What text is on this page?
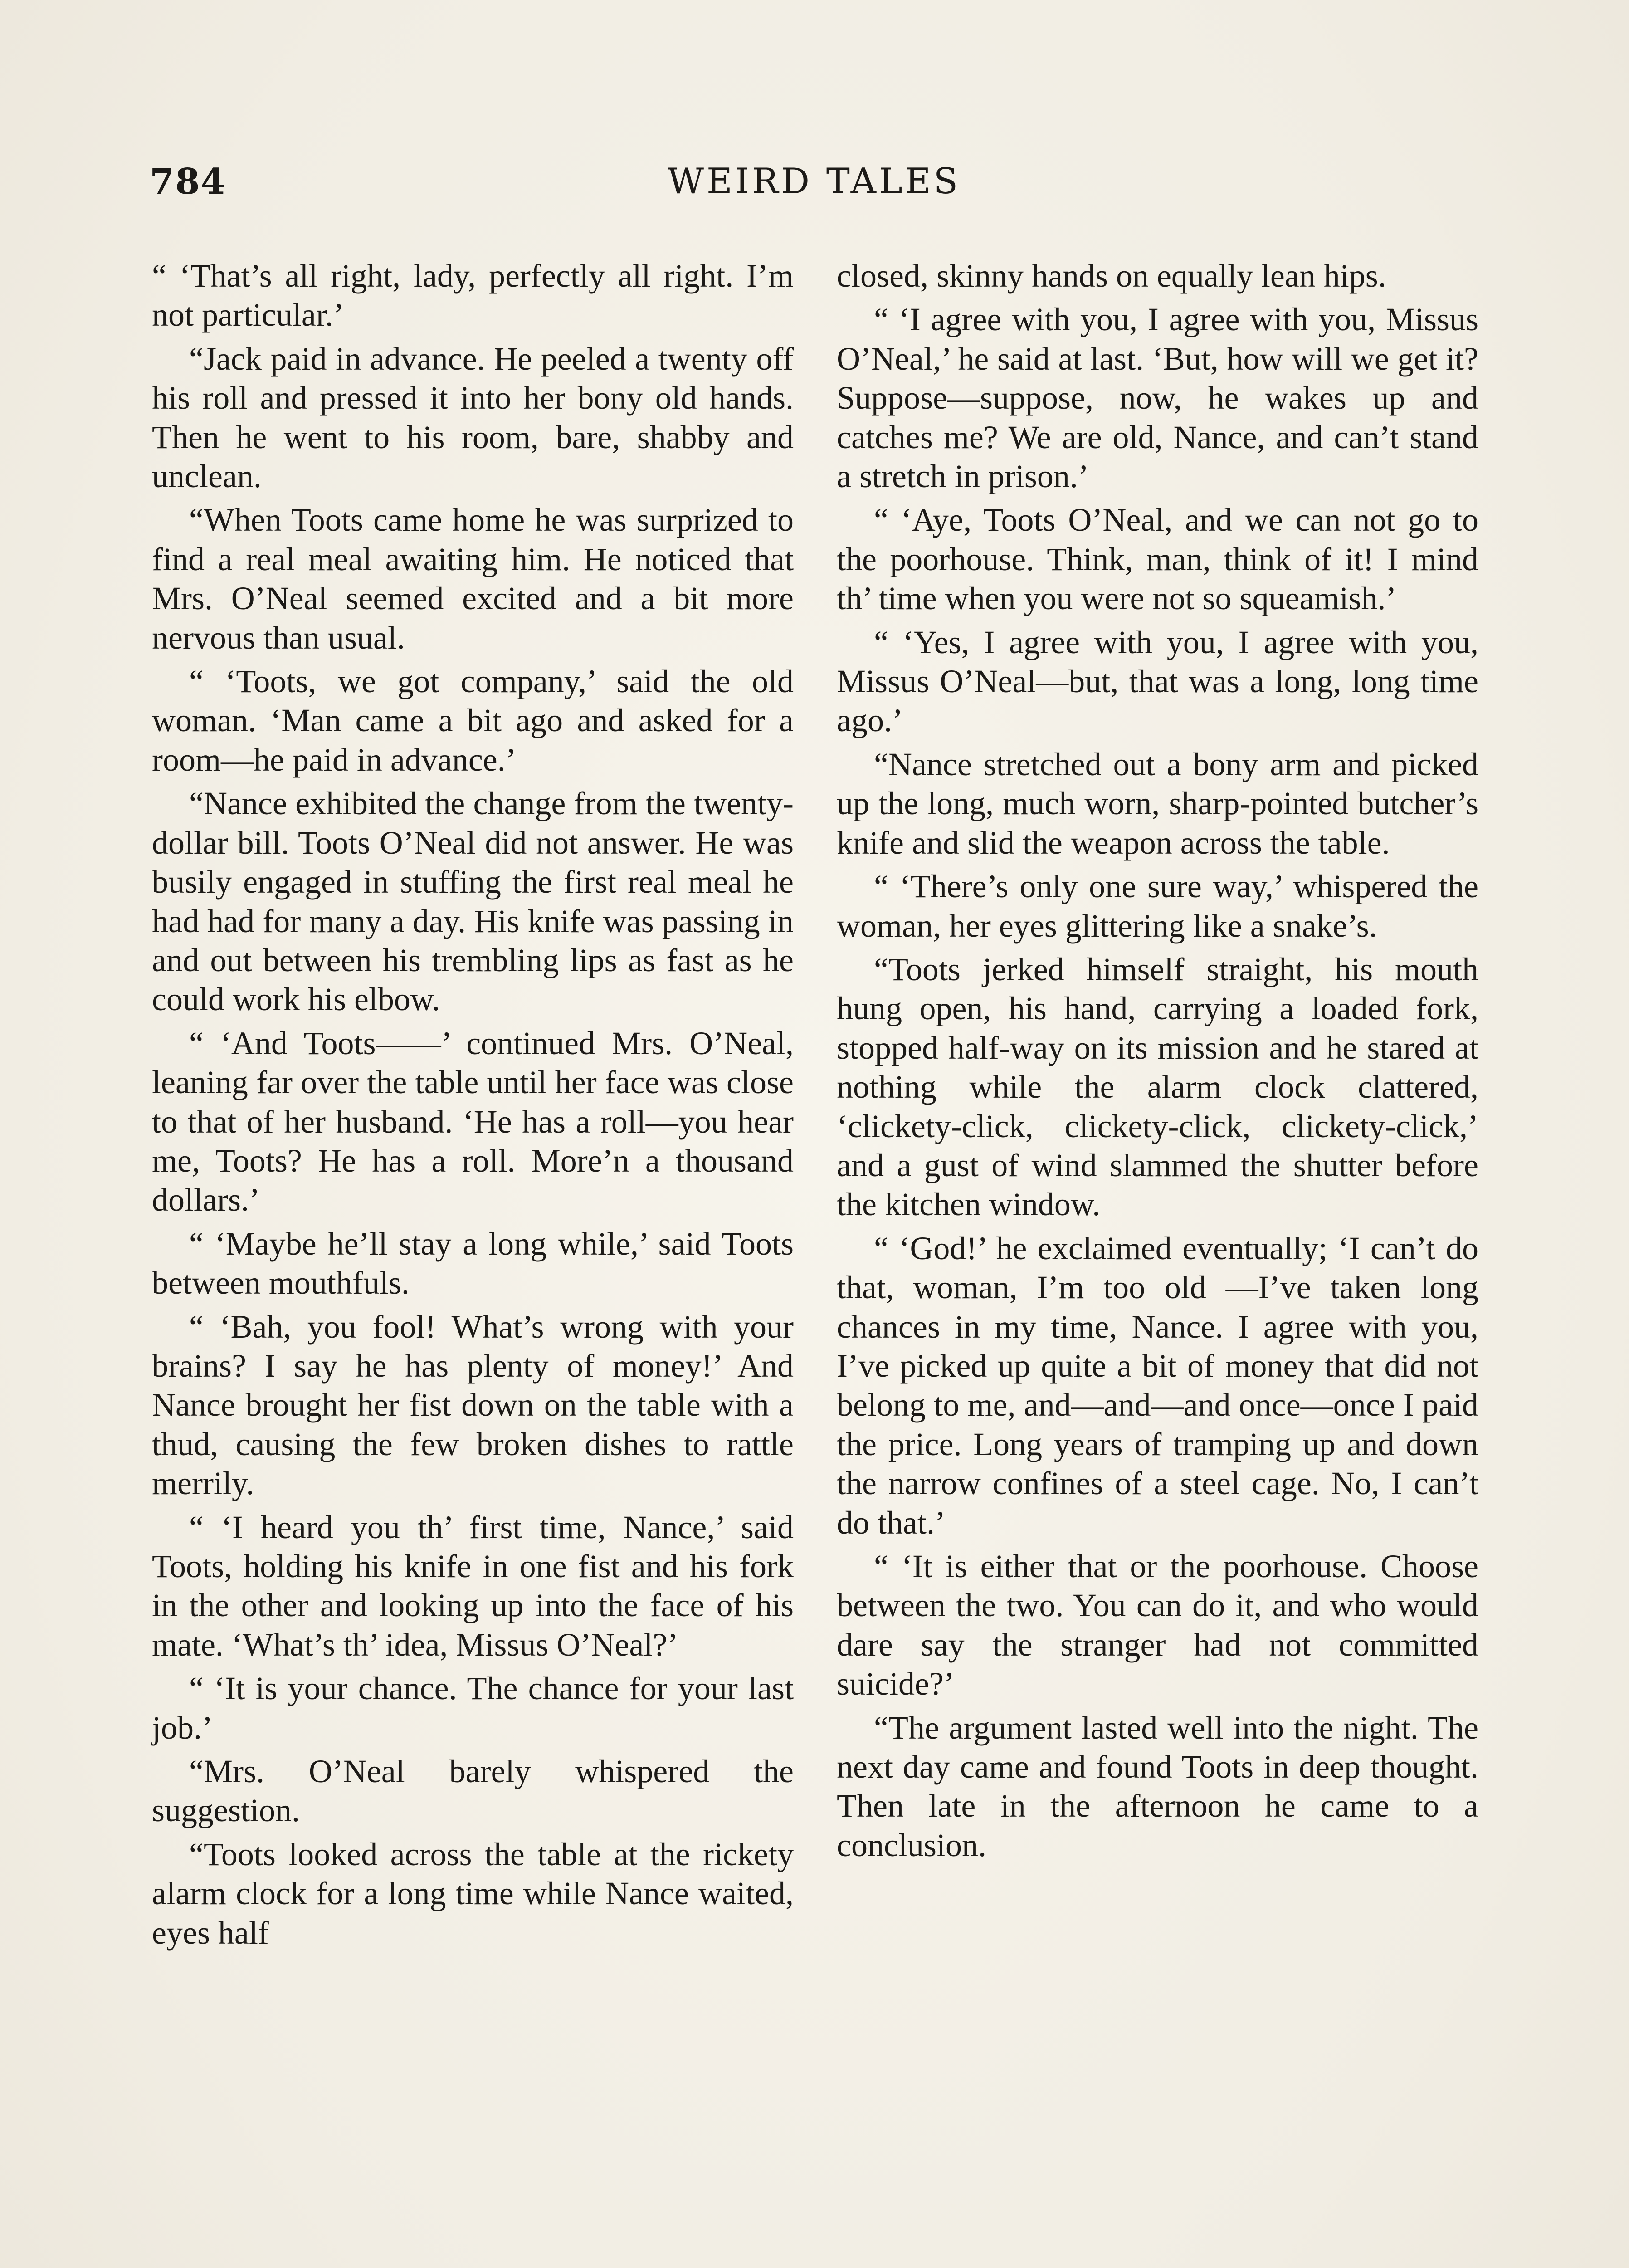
784	WEIRD TALES

“ ‘That’s all right, lady, perfectly all right. I’m not particular.’

“Jack paid in advance. He peeled a twenty off his roll and pressed it into her bony old hands. Then he went to his room, bare, shabby and unclean.

“When Toots came home he was surprized to find a real meal awaiting him. He noticed that Mrs. O’Neal seemed excited and a bit more nervous than usual.

“ ‘Toots, we got company,’ said the old woman. ‘Man came a bit ago and asked for a room—he paid in advance.’

“Nance exhibited the change from the twenty-dollar bill. Toots O’Neal did not answer. He was busily engaged in stuffing the first real meal he had had for many a day. His knife was passing in and out between his trembling lips as fast as he could work his elbow.

“ ‘And Toots——’ continued Mrs. O’Neal, leaning far over the table until her face was close to that of her husband. ‘He has a roll—you hear me, Toots? He has a roll. More’n a thousand dollars.’

“ ‘Maybe he’ll stay a long while,’ said Toots between mouthfuls.

“ ‘Bah, you fool! What’s wrong with your brains? I say he has plenty of money!’ And Nance brought her fist down on the table with a thud, causing the few broken dishes to rattle merrily.

“ ‘I heard you th’ first time, Nance,’ said Toots, holding his knife in one fist and his fork in the other and looking up into the face of his mate. ‘What’s th’ idea, Missus O’Neal?’

“ ‘It is your chance. The chance for your last job.’

“Mrs. O’Neal barely whispered the suggestion.

“Toots looked across the table at the rickety alarm clock for a long time while Nance waited, eyes half

closed, skinny hands on equally lean hips.

“ ‘I agree with you, I agree with you, Missus O’Neal,’ he said at last. ‘But, how will we get it? Suppose—suppose, now, he wakes up and catches me? We are old, Nance, and can’t stand a stretch in prison.’

“ ‘Aye, Toots O’Neal, and we can not go to the poorhouse. Think, man, think of it! I mind th’ time when you were not so squeamish.’

“ ‘Yes, I agree with you, I agree with you, Missus O’Neal—but, that was a long, long time ago.’

“Nance stretched out a bony arm and picked up the long, much worn, sharp-pointed butcher’s knife and slid the weapon across the table.

“ ‘There’s only one sure way,’ whispered the woman, her eyes glittering like a snake’s.

“Toots jerked himself straight, his mouth hung open, his hand, carrying a loaded fork, stopped half-way on its mission and he stared at nothing while the alarm clock clattered, ‘clickety-click, clickety-click, clickety-click,’ and a gust of wind slammed the shutter before the kitchen window.

“ ‘God!’ he exclaimed eventually; ‘I can’t do that, woman, I’m too old —I’ve taken long chances in my time, Nance. I agree with you, I’ve picked up quite a bit of money that did not belong to me, and—and—and once—once I paid the price. Long years of tramping up and down the narrow confines of a steel cage. No, I can’t do that.’

“ ‘It is either that or the poorhouse. Choose between the two. You can do it, and who would dare say the stranger had not committed suicide?’

“The argument lasted well into the night. The next day came and found Toots in deep thought. Then late in the afternoon he came to a conclusion.
